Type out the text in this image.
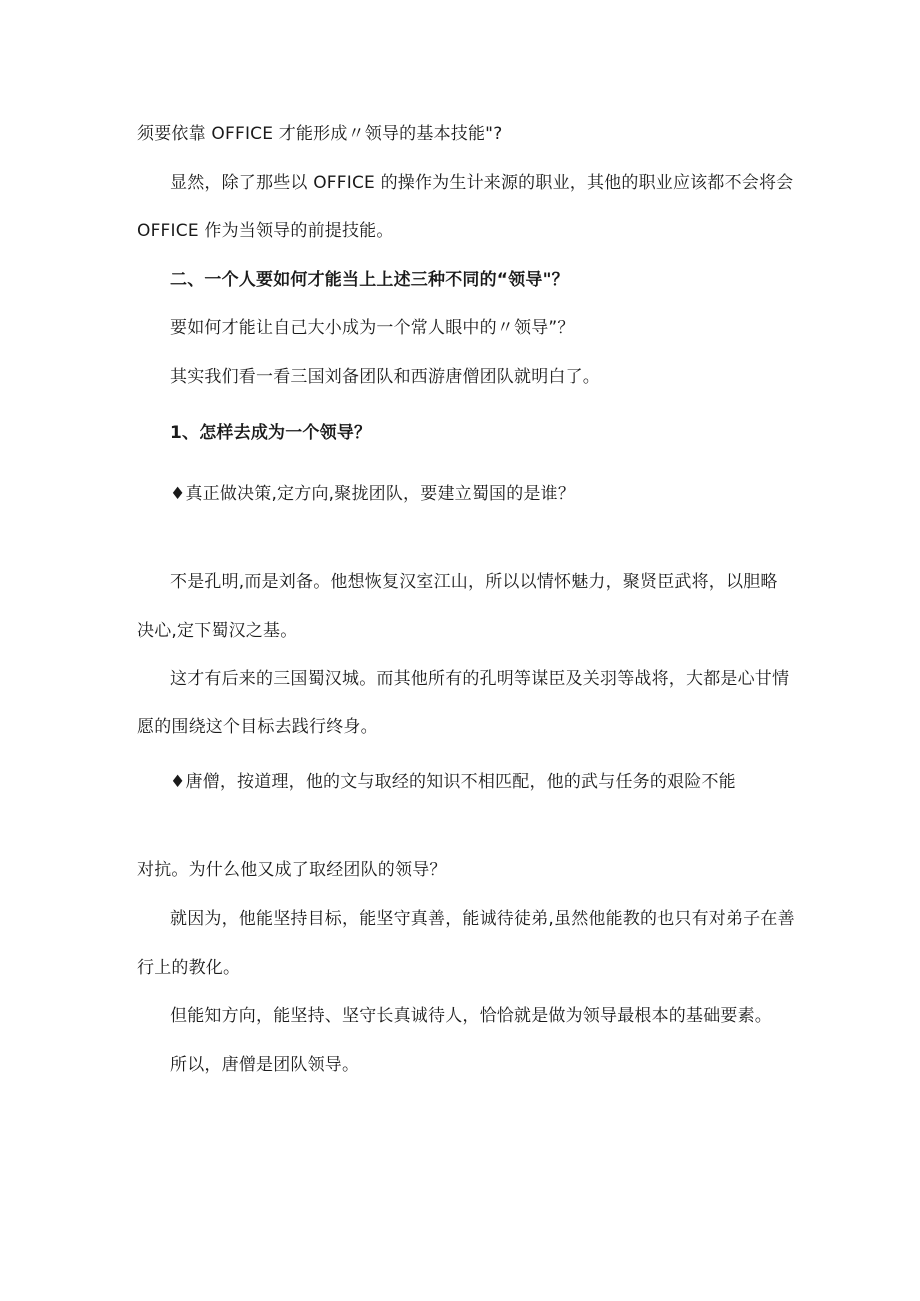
须要依靠 OFFICE 才能形成〃领导的基本技能"?
显然，除了那些以 OFFICE 的操作为生计来源的职业，其他的职业应该都不会将会
OFFICE 作为当领导的前提技能。
二、一个人要如何才能当上上述三种不同的“领导"？
要如何才能让自己大小成为一个常人眼中的〃领导”？
其实我们看一看三国刘备团队和西游唐僧团队就明白了。
1、怎样去成为一个领导？
♦真正做决策,定方向,聚拢团队，要建立蜀国的是谁？
不是孔明,而是刘备。他想恢复汉室江山，所以以情怀魅力，聚贤臣武将，以胆略
决心,定下蜀汉之基。
这才有后来的三国蜀汉城。而其他所有的孔明等谋臣及关羽等战将，大都是心甘情
愿的围绕这个目标去践行终身。
♦唐僧，按道理，他的文与取经的知识不相匹配，他的武与任务的艰险不能
对抗。为什么他又成了取经团队的领导？
就因为，他能坚持目标，能坚守真善，能诚待徒弟,虽然他能教的也只有对弟子在善
行上的教化。
但能知方向，能坚持、坚守长真诚待人，恰恰就是做为领导最根本的基础要素。
所以，唐僧是团队领导。
